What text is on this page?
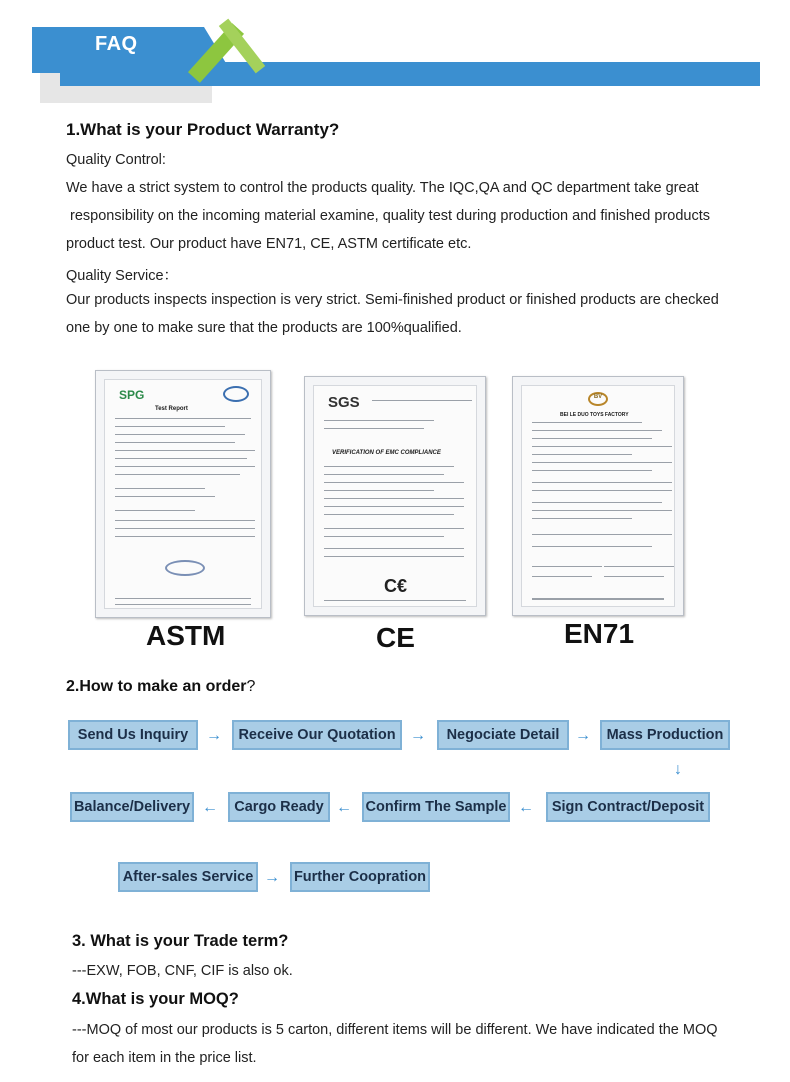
FAQ
1.What is your Product Warranty?
Quality Control:
We have a strict system to control the products quality. The IQC,QA and QC department take great
responsibility on the incoming material examine, quality test during production and finished products
product test. Our product have EN71, CE, ASTM certificate etc.
Quality Service：
Our products inspects inspection is very strict. Semi-finished product or finished products are checked
one by one to make sure that the products are 100%qualified.
SPG
Test Report
ASTM
SGS
VERIFICATION OF EMC COMPLIANCE
C€
CE
BV
BEI LE DUO TOYS FACTORY
EN71
2.How to make an order?
Send Us Inquiry	→	Receive Our Quotation →	Negociate Detail →	Mass Production
↓
Balance/Delivery ←	Cargo Ready ← Confirm The Sample ←	Sign Contract/Deposit
After-sales Service → Further Coopration
3. What is your Trade term?
---EXW, FOB, CNF, CIF is also ok.
4.What is your MOQ?
---MOQ of most our products is 5 carton, different items will be different. We have indicated the MOQ
for each item in the price list.
